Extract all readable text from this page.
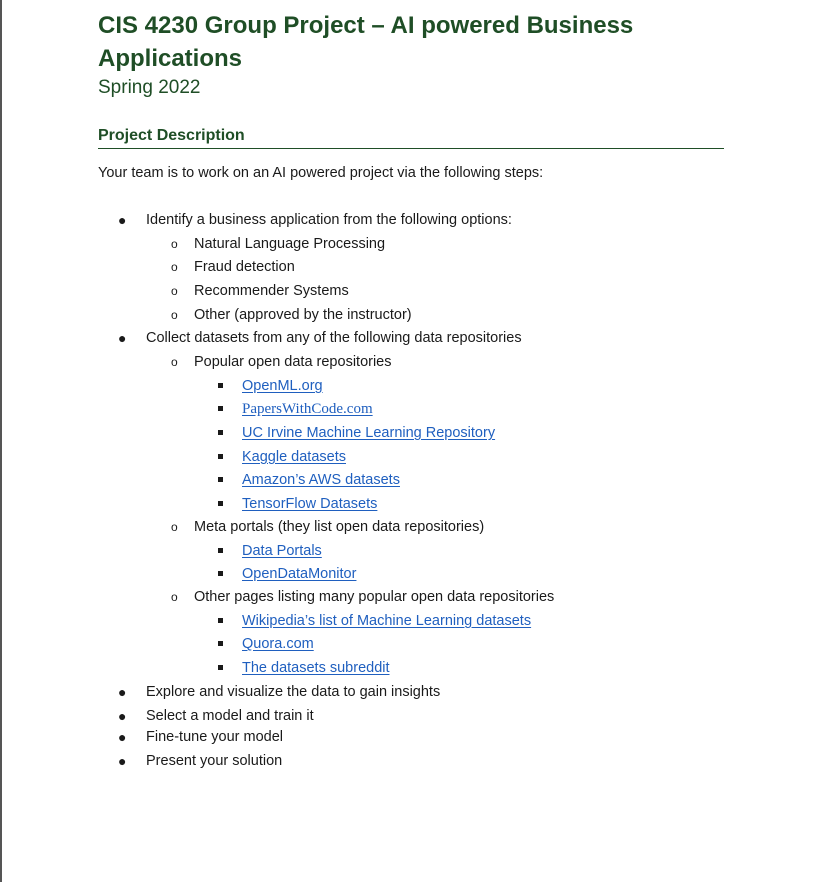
CIS 4230 Group Project – AI powered Business Applications

Spring 2022

Project Description

Your team is to work on an AI powered project via the following steps:

● Identify a business application from the following options:
o Natural Language Processing
o Fraud detection
o Recommender Systems
o Other (approved by the instructor)
● Collect datasets from any of the following data repositories
o Popular open data repositories
OpenML.org
PapersWithCode.com
UC Irvine Machine Learning Repository
Kaggle datasets
Amazon’s AWS datasets
TensorFlow Datasets
o Meta portals (they list open data repositories)
Data Portals
OpenDataMonitor
o Other pages listing many popular open data repositories
Wikipedia’s list of Machine Learning datasets
Quora.com
The datasets subreddit
● Explore and visualize the data to gain insights
● Select a model and train it
● Fine-tune your model
● Present your solution
